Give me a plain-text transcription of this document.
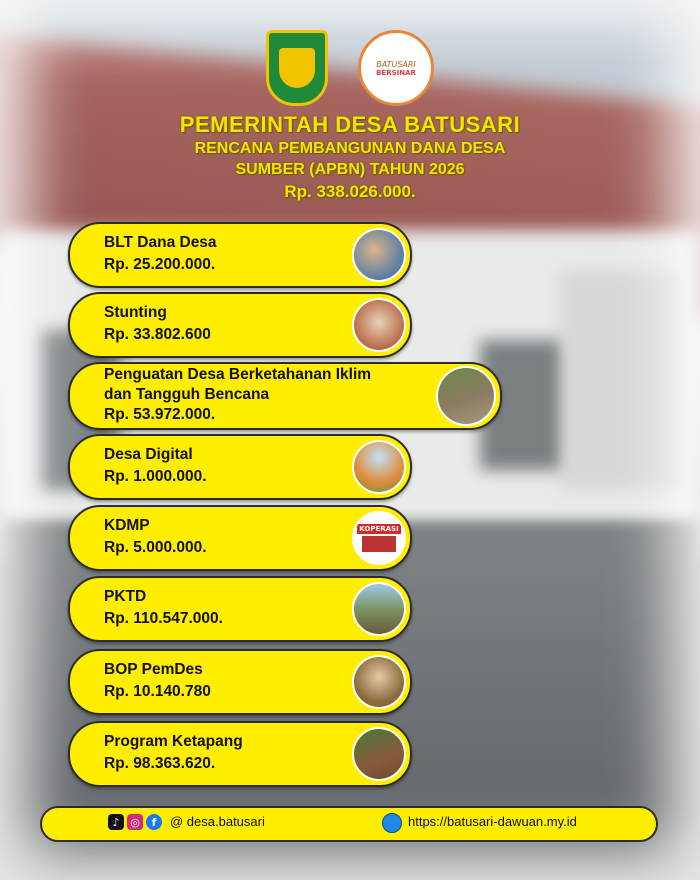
BATUSARI
BERSINAR
PEMERINTAH DESA BATUSARI
RENCANA PEMBANGUNAN DANA DESA
SUMBER (APBN) TAHUN 2026
Rp. 338.026.000.
BLT Dana Desa
Rp. 25.200.000.
Stunting
Rp. 33.802.600
Penguatan Desa Berketahanan Iklim
dan Tangguh Bencana
Rp. 53.972.000.
Desa Digital
Rp. 1.000.000.
KDMP
Rp. 5.000.000.
KOPERASI
PKTD
Rp. 110.547.000.
BOP PemDes
Rp. 10.140.780
Program Ketapang
Rp. 98.363.620.
♪ ◎	f	@ desa.batusari	https://batusari-dawuan.my.id
